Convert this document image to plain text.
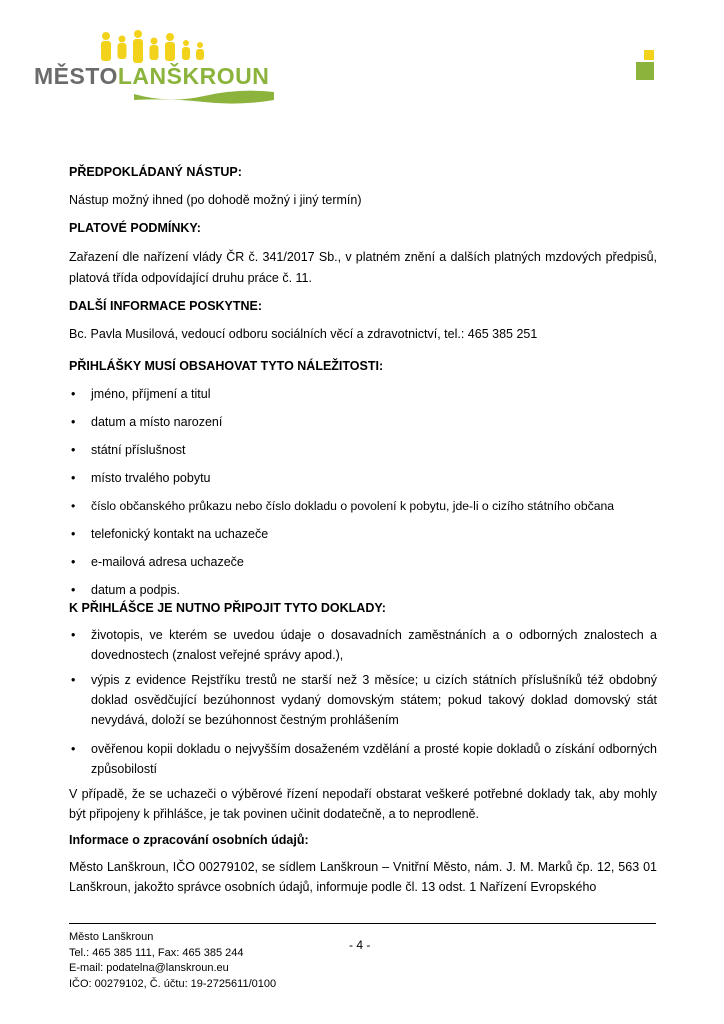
MĚSTOLANŠKROUN

PŘEDPOKLÁDANÝ NÁSTUP:

Nástup možný ihned (po dohodě možný i jiný termín)

PLATOVÉ PODMÍNKY:

Zařazení dle nařízení vlády ČR č. 341/2017 Sb., v platném znění a dalších platných mzdových předpisů, platová třída odpovídající druhu práce č. 11.

DALŠÍ INFORMACE POSKYTNE:

Bc. Pavla Musilová, vedoucí odboru sociálních věcí a zdravotnictví, tel.: 465 385 251

PŘIHLÁŠKY MUSÍ OBSAHOVAT TYTO NÁLEŽITOSTI:

• jméno, příjmení a titul
• datum a místo narození
• státní příslušnost
• místo trvalého pobytu
• číslo občanského průkazu nebo číslo dokladu o povolení k pobytu, jde-li o cizího státního občana
• telefonický kontakt na uchazeče
• e-mailová adresa uchazeče
• datum a podpis.

K PŘIHLÁŠCE JE NUTNO PŘIPOJIT TYTO DOKLADY:

• životopis, ve kterém se uvedou údaje o dosavadních zaměstnáních a o odborných znalostech a dovednostech (znalost veřejné správy apod.),
• výpis z evidence Rejstříku trestů ne starší než 3 měsíce; u cizích státních příslušníků též obdobný doklad osvědčující bezúhonnost vydaný domovským státem; pokud takový doklad domovský stát nevydává, doloží se bezúhonnost čestným prohlášením
• ověřenou kopii dokladu o nejvyšším dosaženém vzdělání a prosté kopie dokladů o získání odborných způsobilostí

V případě, že se uchazeči o výběrové řízení nepodaří obstarat veškeré potřebné doklady tak, aby mohly být připojeny k přihlášce, je tak povinen učinit dodatečně, a to neprodleně.

Informace o zpracování osobních údajů:

Město Lanškroun, IČO 00279102, se sídlem Lanškroun – Vnitřní Město, nám. J. M. Marků čp. 12, 563 01 Lanškroun, jakožto správce osobních údajů, informuje podle čl. 13 odst. 1 Nařízení Evropského

Město Lanškroun
Tel.: 465 385 111, Fax: 465 385 244
E-mail: podatelna@lanskroun.eu
IČO: 00279102, Č. účtu: 19-2725611/0100
- 4 -
